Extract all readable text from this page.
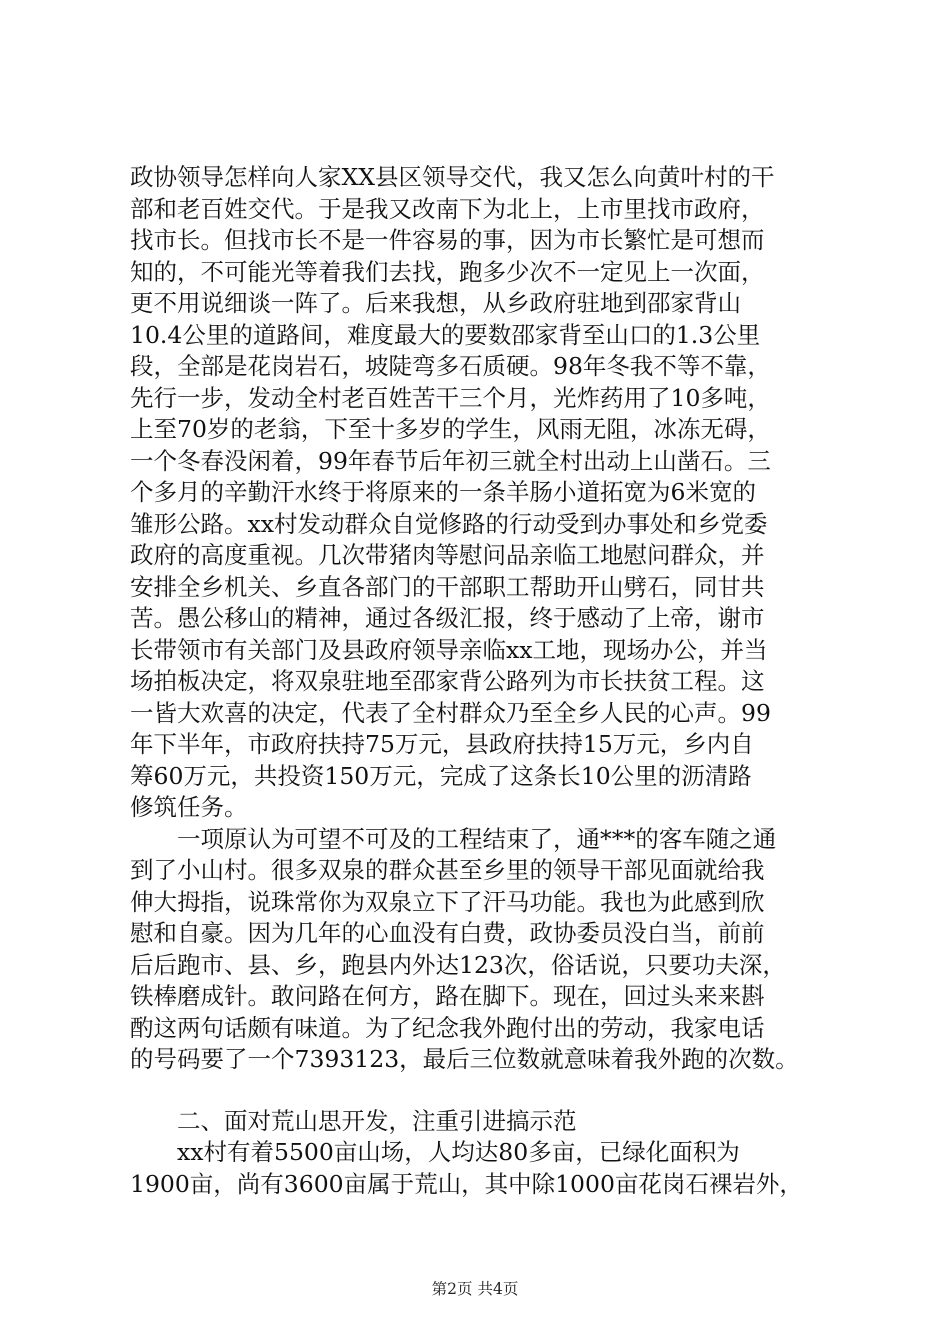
政协领导怎样向人家XX县区领导交代，我又怎么向黄叶村的干
部和老百姓交代。于是我又改南下为北上，上市里找市政府，
找市长。但找市长不是一件容易的事，因为市长繁忙是可想而
知的，不可能光等着我们去找，跑多少次不一定见上一次面，
更不用说细谈一阵了。后来我想，从乡政府驻地到邵家背山
10.4公里的道路间，难度最大的要数邵家背至山口的1.3公里
段，全部是花岗岩石，坡陡弯多石质硬。98年冬我不等不靠，
先行一步，发动全村老百姓苦干三个月，光炸药用了10多吨，
上至70岁的老翁，下至十多岁的学生，风雨无阻，冰冻无碍，
一个冬春没闲着，99年春节后年初三就全村出动上山凿石。三
个多月的辛勤汗水终于将原来的一条羊肠小道拓宽为6米宽的
雏形公路。xx村发动群众自觉修路的行动受到办事处和乡党委
政府的高度重视。几次带猪肉等慰问品亲临工地慰问群众，并
安排全乡机关、乡直各部门的干部职工帮助开山劈石，同甘共
苦。愚公移山的精神，通过各级汇报，终于感动了上帝，谢市
长带领市有关部门及县政府领导亲临xx工地，现场办公，并当
场拍板决定，将双泉驻地至邵家背公路列为市长扶贫工程。这
一皆大欢喜的决定，代表了全村群众乃至全乡人民的心声。99
年下半年，市政府扶持75万元，县政府扶持15万元，乡内自
筹60万元，共投资150万元，完成了这条长10公里的沥清路
修筑任务。
　　一项原认为可望不可及的工程结束了，通***的客车随之通
到了小山村。很多双泉的群众甚至乡里的领导干部见面就给我
伸大拇指，说珠常你为双泉立下了汗马功能。我也为此感到欣
慰和自豪。因为几年的心血没有白费，政协委员没白当，前前
后后跑市、县、乡，跑县内外达123次，俗话说，只要功夫深，
铁棒磨成针。敢问路在何方，路在脚下。现在，回过头来来斟
酌这两句话颇有味道。为了纪念我外跑付出的劳动，我家电话
的号码要了一个7393123，最后三位数就意味着我外跑的次数。
　　二、面对荒山思开发，注重引进搞示范
　　xx村有着5500亩山场，人均达80多亩，已绿化面积为
1900亩，尚有3600亩属于荒山，其中除1000亩花岗石裸岩外，
第2页 共4页
